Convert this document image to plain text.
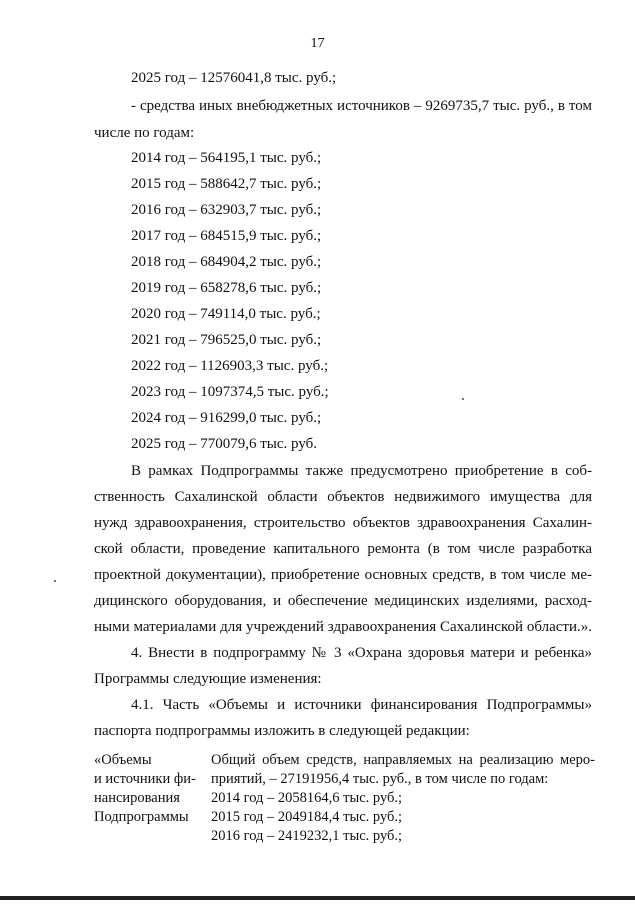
17
2025 год – 12576041,8 тыс. руб.;
- средства иных внебюджетных источников – 9269735,7 тыс. руб., в том
числе по годам:
2014 год – 564195,1 тыс. руб.;
2015 год – 588642,7 тыс. руб.;
2016 год – 632903,7 тыс. руб.;
2017 год – 684515,9 тыс. руб.;
2018 год – 684904,2 тыс. руб.;
2019 год – 658278,6 тыс. руб.;
2020 год – 749114,0 тыс. руб.;
2021 год – 796525,0 тыс. руб.;
2022 год – 1126903,3 тыс. руб.;
2023 год – 1097374,5 тыс. руб.;
2024 год – 916299,0 тыс. руб.;
2025 год – 770079,6 тыс. руб.
В рамках Подпрограммы также предусмотрено приобретение в соб-
ственность Сахалинской области объектов недвижимого имущества для
нужд здравоохранения, строительство объектов здравоохранения Сахалин-
ской области, проведение капитального ремонта (в том числе разработка
проектной документации), приобретение основных средств, в том числе ме-
дицинского оборудования, и обеспечение медицинских изделиями, расход-
ными материалами для учреждений здравоохранения Сахалинской области.».
4. Внести в подпрограмму № 3 «Охрана здоровья матери и ребенка»
Программы следующие изменения:
4.1. Часть «Объемы и источники финансирования Подпрограммы»
паспорта подпрограммы изложить в следующей редакции:
«Объемы
и источники фи-
нансирования
Подпрограммы
Общий объем средств, направляемых на реализацию меро-
приятий, – 27191956,4 тыс. руб., в том числе по годам:
2014 год – 2058164,6 тыс. руб.;
2015 год – 2049184,4 тыс. руб.;
2016 год – 2419232,1 тыс. руб.;
